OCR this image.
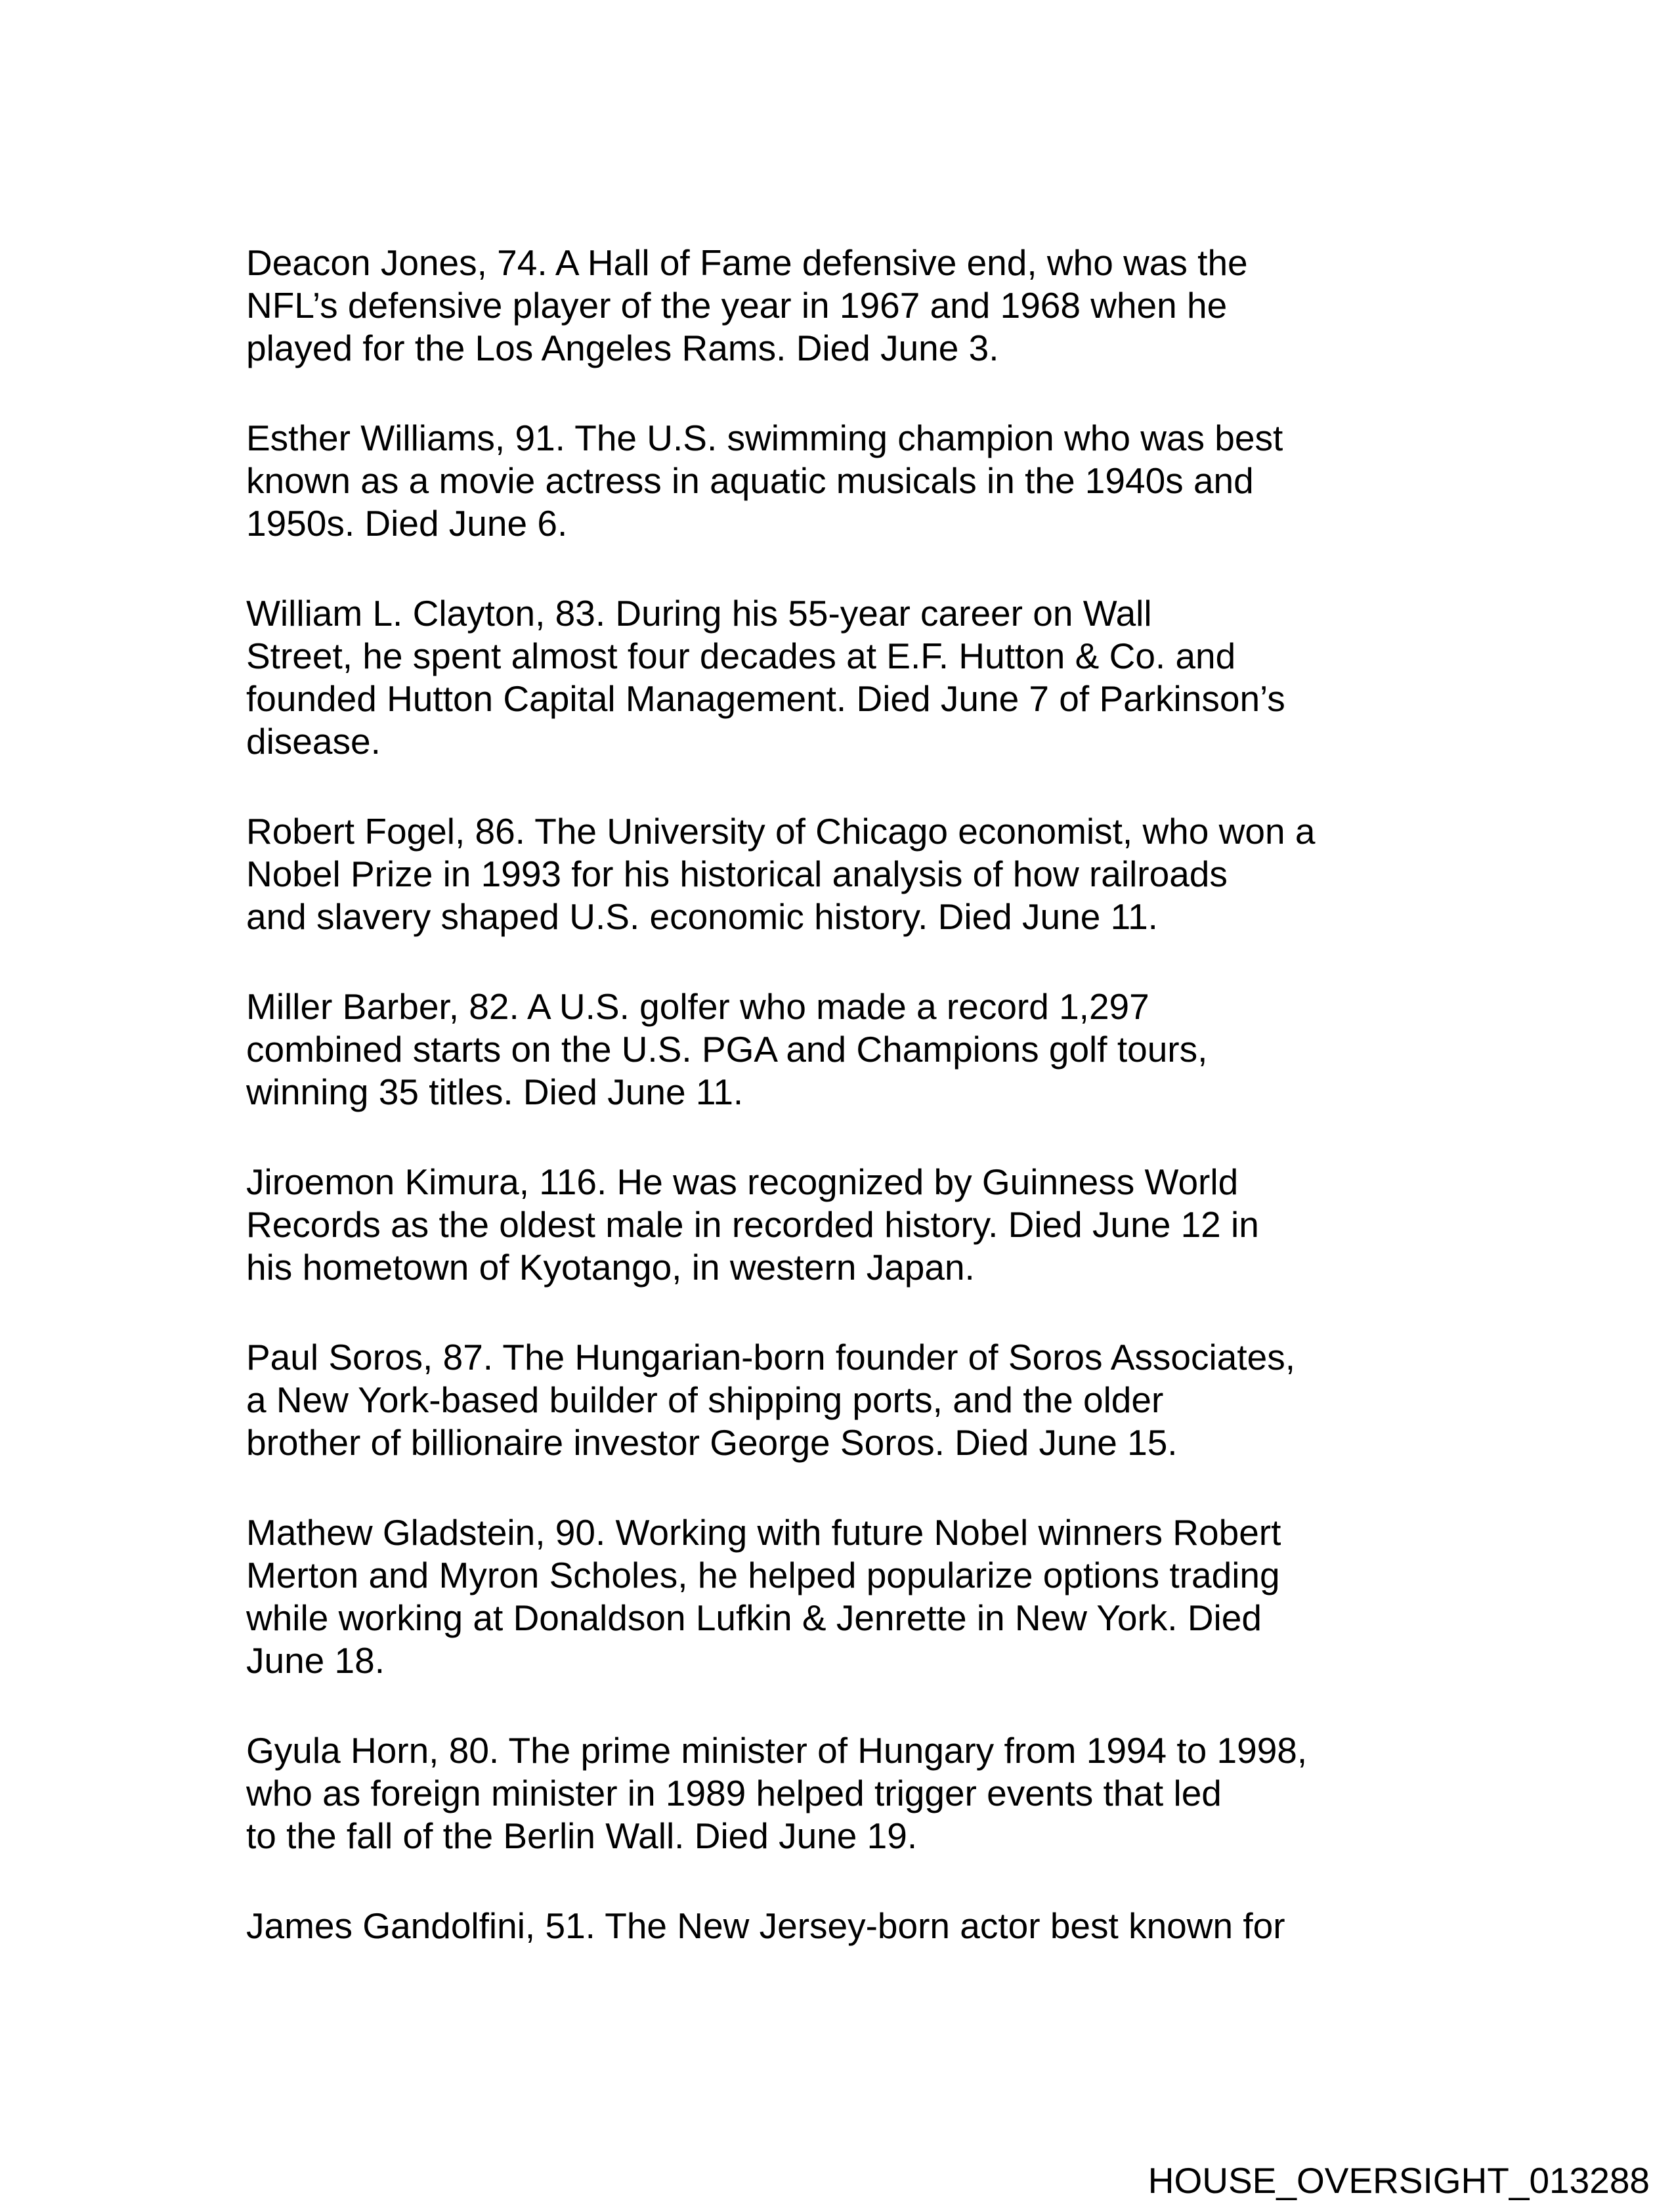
Deacon Jones, 74. A Hall of Fame defensive end, who was the
NFL’s defensive player of the year in 1967 and 1968 when he
played for the Los Angeles Rams. Died June 3.
Esther Williams, 91. The U.S. swimming champion who was best
known as a movie actress in aquatic musicals in the 1940s and
1950s. Died June 6.
William L. Clayton, 83. During his 55-year career on Wall
Street, he spent almost four decades at E.F. Hutton & Co. and
founded Hutton Capital Management. Died June 7 of Parkinson’s
disease.
Robert Fogel, 86. The University of Chicago economist, who won a
Nobel Prize in 1993 for his historical analysis of how railroads
and slavery shaped U.S. economic history. Died June 11.
Miller Barber, 82. A U.S. golfer who made a record 1,297
combined starts on the U.S. PGA and Champions golf tours,
winning 35 titles. Died June 11.
Jiroemon Kimura, 116. He was recognized by Guinness World
Records as the oldest male in recorded history. Died June 12 in
his hometown of Kyotango, in western Japan.
Paul Soros, 87. The Hungarian-born founder of Soros Associates,
a New York-based builder of shipping ports, and the older
brother of billionaire investor George Soros. Died June 15.
Mathew Gladstein, 90. Working with future Nobel winners Robert
Merton and Myron Scholes, he helped popularize options trading
while working at Donaldson Lufkin & Jenrette in New York. Died
June 18.
Gyula Horn, 80. The prime minister of Hungary from 1994 to 1998,
who as foreign minister in 1989 helped trigger events that led
to the fall of the Berlin Wall. Died June 19.
James Gandolfini, 51. The New Jersey-born actor best known for
HOUSE_OVERSIGHT_013288
